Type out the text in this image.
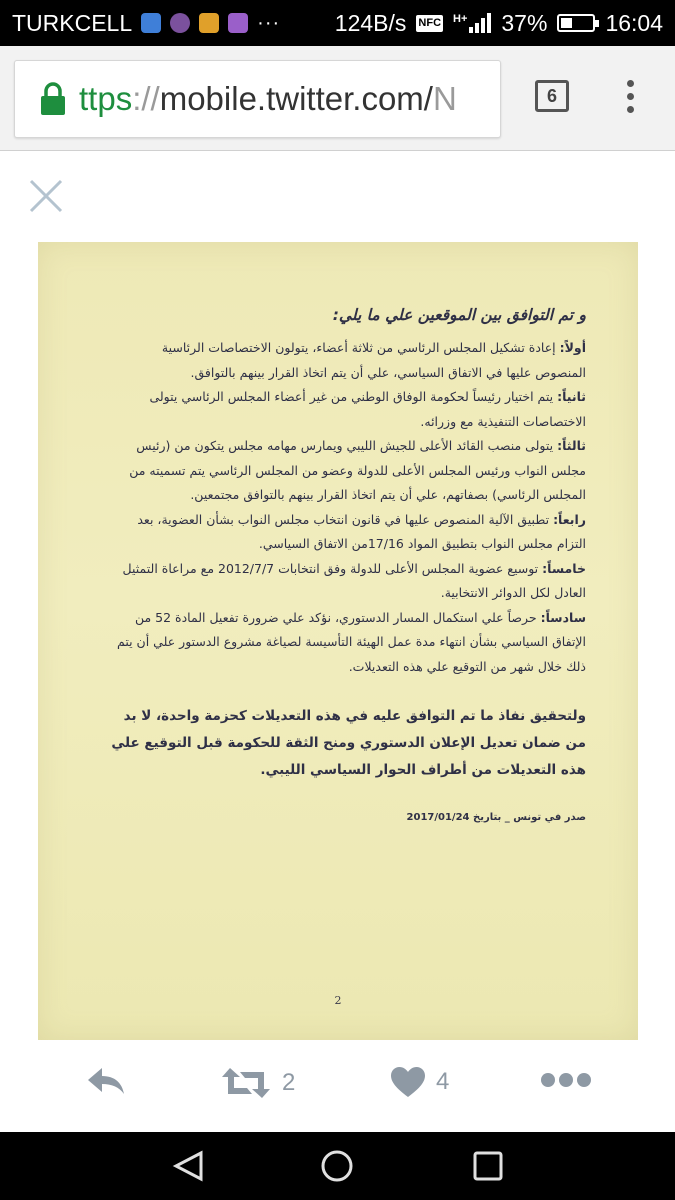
TURKCELL	··· 124B/s NFC H+ 37%	16:04
ttps://mobile.twitter.com/N	6
و تم التوافق بين الموقعين علي ما يلي:
أولاً: إعادة تشكيل المجلس الرئاسي من ثلاثة أعضاء، يتولون الاختصاصات الرئاسية المنصوص عليها في الاتفاق السياسي، علي أن يتم اتخاذ القرار بينهم بالتوافق.
ثانياً: يتم اختيار رئيساً لحكومة الوفاق الوطني من غير أعضاء المجلس الرئاسي يتولى الاختصاصات التنفيذية مع وزرائه.
ثالثاً: يتولى منصب القائد الأعلى للجيش الليبي ويمارس مهامه مجلس يتكون من (رئيس مجلس النواب ورئيس المجلس الأعلى للدولة وعضو من المجلس الرئاسي يتم تسميته من المجلس الرئاسي) بصفاتهم، علي أن يتم اتخاذ القرار بينهم بالتوافق مجتمعين.
رابعاً: تطبيق الآلية المنصوص عليها في قانون انتخاب مجلس النواب بشأن العضوية، بعد التزام مجلس النواب بتطبيق المواد 17/16من الاتفاق السياسي.
خامساً: توسيع عضوية المجلس الأعلى للدولة وفق انتخابات 2012/7/7 مع مراعاة التمثيل العادل لكل الدوائر الانتخابية.
سادساً: حرصاً علي استكمال المسار الدستوري، نؤكد علي ضرورة تفعيل المادة 52 من الإتفاق السياسي بشأن انتهاء مدة عمل الهيئة التأسيسة لصياغة مشروع الدستور علي أن يتم ذلك خلال شهر من التوقيع علي هذه التعديلات.
ولتحقيق نفاذ ما تم التوافق عليه في هذه التعديلات كحزمة واحدة، لا بد من ضمان تعديل الإعلان الدستوري ومنح الثقة للحكومة قبل التوقيع علي هذه التعديلات من أطراف الحوار السياسي الليبي.
صدر في تونس _ بتاريخ 2017/01/24
2
2	4
